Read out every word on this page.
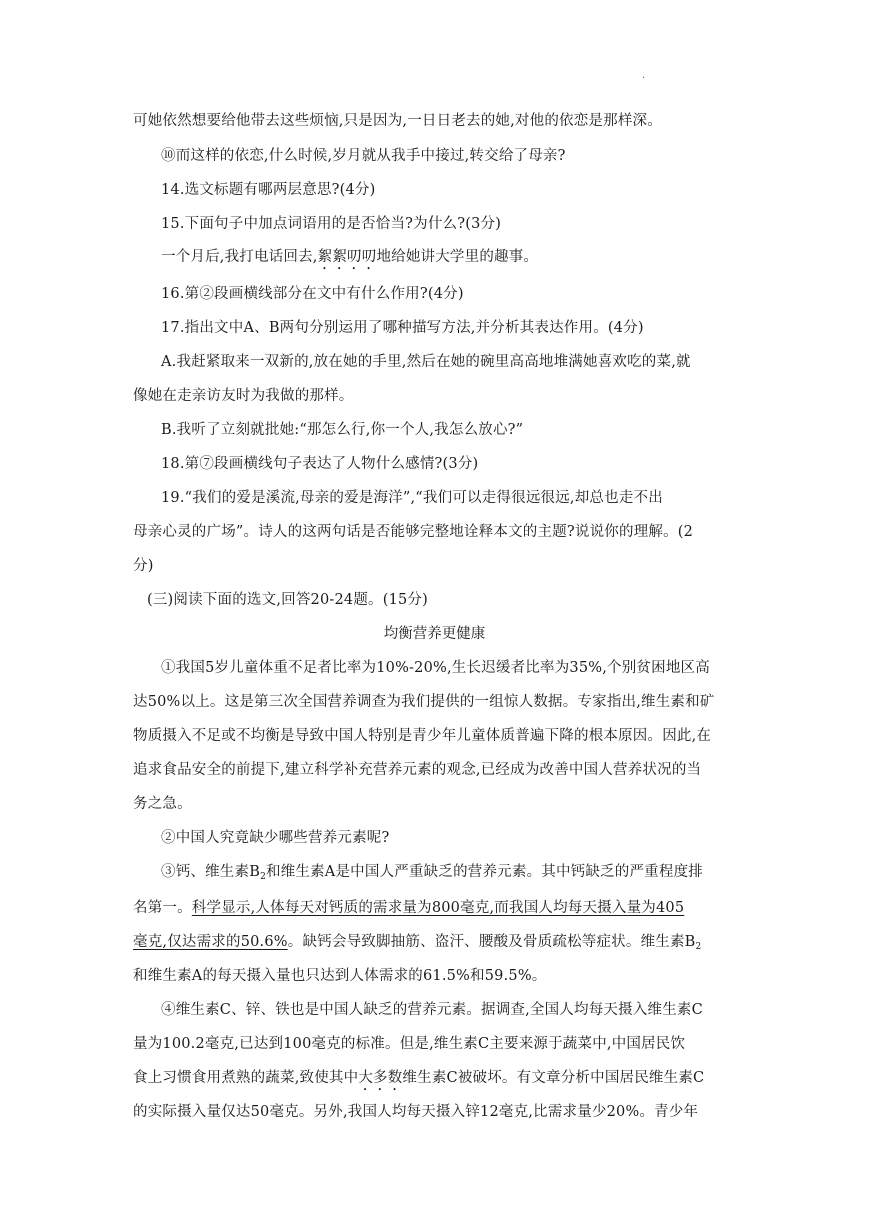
.
可她依然想要给他带去这些烦恼,只是因为,一日日老去的她,对他的依恋是那样深。
⑩而这样的依恋,什么时候,岁月就从我手中接过,转交给了母亲?
14.选文标题有哪两层意思?(4分)
15.下面句子中加点词语用的是否恰当?为什么?(3分)
一个月后,我打电话回去,絮絮叨叨地给她讲大学里的趣事。
16.第②段画横线部分在文中有什么作用?(4分)
17.指出文中A、B两句分别运用了哪种描写方法,并分析其表达作用。(4分)
A.我赶紧取来一双新的,放在她的手里,然后在她的碗里高高地堆满她喜欢吃的菜,就
像她在走亲访友时为我做的那样。
B.我听了立刻就批她:“那怎么行,你一个人,我怎么放心?”
18.第⑦段画横线句子表达了人物什么感情?(3分)
19.“我们的爱是溪流,母亲的爱是海洋”,“我们可以走得很远很远,却总也走不出
母亲心灵的广场”。诗人的这两句话是否能够完整地诠释本文的主题?说说你的理解。(2
分)
(三)阅读下面的选文,回答20-24题。(15分)
均衡营养更健康
①我国5岁儿童体重不足者比率为10%-20%,生长迟缓者比率为35%,个别贫困地区高
达50%以上。这是第三次全国营养调查为我们提供的一组惊人数据。专家指出,维生素和矿
物质摄入不足或不均衡是导致中国人特别是青少年儿童体质普遍下降的根本原因。因此,在
追求食品安全的前提下,建立科学补充营养元素的观念,已经成为改善中国人营养状况的当
务之急。
②中国人究竟缺少哪些营养元素呢?
③钙、维生素$B_2$和维生素A是中国人严重缺乏的营养元素。其中钙缺乏的严重程度排
名第一。科学显示,人体每天对钙质的需求量为800毫克,而我国人均每天摄入量为405
毫克,仅达需求的50.6%。缺钙会导致脚抽筋、盗汗、腰酸及骨质疏松等症状。维生素$B_2$
和维生素A的每天摄入量也只达到人体需求的61.5%和59.5%。
④维生素C、锌、铁也是中国人缺乏的营养元素。据调查,全国人均每天摄入维生素C
量为100.2毫克,已达到100毫克的标准。但是,维生素C主要来源于蔬菜中,中国居民饮
食上习惯食用煮熟的蔬菜,致使其中大多数维生素C被破坏。有文章分析中国居民维生素C
的实际摄入量仅达50毫克。另外,我国人均每天摄入锌12毫克,比需求量少20%。青少年
